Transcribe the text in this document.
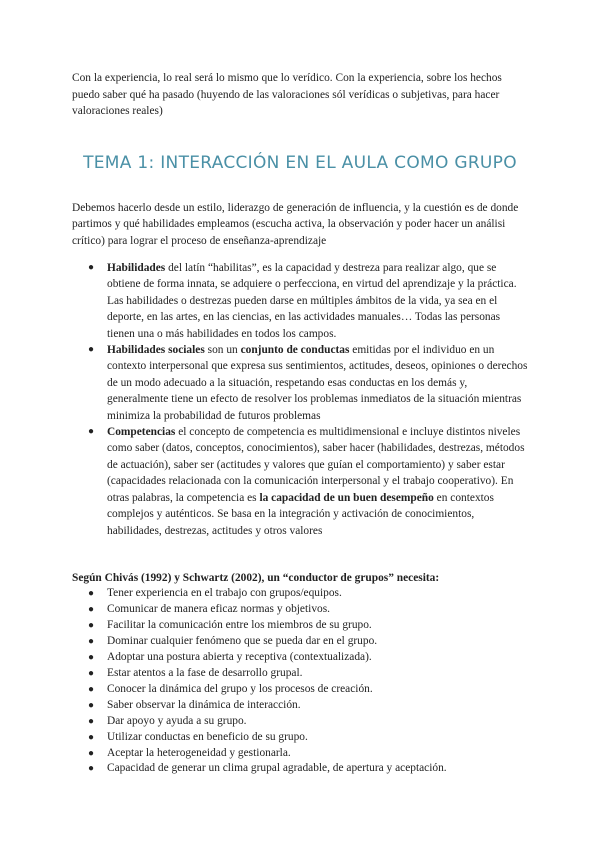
Con la experiencia, lo real será lo mismo que lo verídico. Con la experiencia, sobre los hechos puedo saber qué ha pasado (huyendo de las valoraciones sól verídicas o subjetivas, para hacer valoraciones reales)
TEMA 1: INTERACCIÓN EN EL AULA COMO GRUPO
Debemos hacerlo desde un estilo, liderazgo de generación de influencia, y la cuestión es de donde partimos y qué habilidades empleamos (escucha activa, la observación y poder hacer un análisi crítico) para lograr el proceso de enseñanza-aprendizaje
● Habilidades del latín “habilitas”, es la capacidad y destreza para realizar algo, que se obtiene de forma innata, se adquiere o perfecciona, en virtud del aprendizaje y la práctica. Las habilidades o destrezas pueden darse en múltiples ámbitos de la vida, ya sea en el deporte, en las artes, en las ciencias, en las actividades manuales… Todas las personas tienen una o más habilidades en todos los campos.
● Habilidades sociales son un conjunto de conductas emitidas por el individuo en un contexto interpersonal que expresa sus sentimientos, actitudes, deseos, opiniones o derechos de un modo adecuado a la situación, respetando esas conductas en los demás y, generalmente tiene un efecto de resolver los problemas inmediatos de la situación mientras minimiza la probabilidad de futuros problemas
● Competencias el concepto de competencia es multidimensional e incluye distintos niveles como saber (datos, conceptos, conocimientos), saber hacer (habilidades, destrezas, métodos de actuación), saber ser (actitudes y valores que guían el comportamiento) y saber estar (capacidades relacionada con la comunicación interpersonal y el trabajo cooperativo). En otras palabras, la competencia es la capacidad de un buen desempeño en contextos complejos y auténticos. Se basa en la integración y activación de conocimientos, habilidades, destrezas, actitudes y otros valores
Según Chivás (1992) y Schwartz (2002), un “conductor de grupos” necesita:
● Tener experiencia en el trabajo con grupos/equipos.
● Comunicar de manera eficaz normas y objetivos.
● Facilitar la comunicación entre los miembros de su grupo.
● Dominar cualquier fenómeno que se pueda dar en el grupo.
● Adoptar una postura abierta y receptiva (contextualizada).
● Estar atentos a la fase de desarrollo grupal.
● Conocer la dinámica del grupo y los procesos de creación.
● Saber observar la dinámica de interacción.
● Dar apoyo y ayuda a su grupo.
● Utilizar conductas en beneficio de su grupo.
● Aceptar la heterogeneidad y gestionarla.
● Capacidad de generar un clima grupal agradable, de apertura y aceptación.
